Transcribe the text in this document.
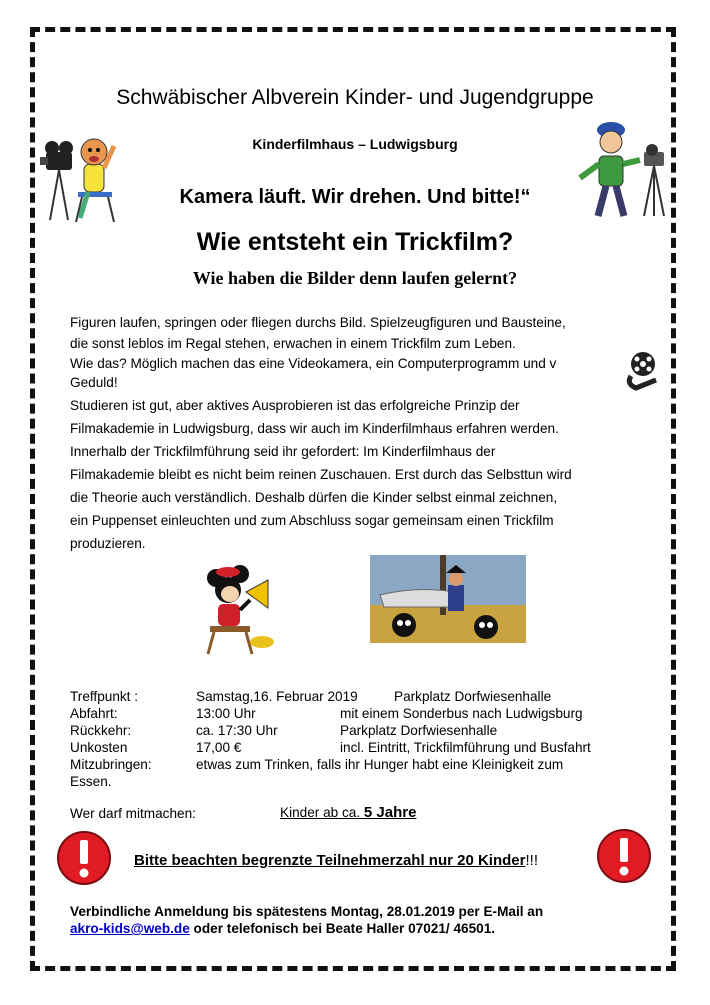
Schwäbischer Albverein Kinder- und Jugendgruppe
Kinderfilmhaus – Ludwigsburg
Kamera läuft. Wir drehen. Und bitte!“
Wie entsteht ein Trickfilm?
Wie haben die Bilder denn laufen gelernt?

Figuren laufen, springen oder fliegen durchs Bild. Spielzeugfiguren und Bausteine,

die sonst leblos im Regal stehen, erwachen in einem Trickfilm zum Leben.

Wie das? Möglich machen das eine Videokamera, ein Computerprogramm und v

Geduld!

Studieren ist gut, aber aktives Ausprobieren ist das erfolgreiche Prinzip der

Filmakademie in Ludwigsburg, dass wir auch im Kinderfilmhaus erfahren werden.

Innerhalb der Trickfilmführung seid ihr gefordert: Im Kinderfilmhaus der

Filmakademie bleibt es nicht beim reinen Zuschauen. Erst durch das Selbsttun wird

die Theorie auch verständlich. Deshalb dürfen die Kinder selbst einmal zeichnen,

ein Puppenset einleuchten und zum Abschluss sogar gemeinsam einen Trickfilm

produzieren.

Treffpunkt :	Samstag,16. Februar 2019	Parkplatz Dorfwiesenhalle
Abfahrt:	13:00 Uhr	mit einem Sonderbus nach Ludwigsburg
Rückkehr:	ca. 17:30 Uhr	Parkplatz Dorfwiesenhalle
Unkosten	17,00 €	incl. Eintritt, Trickfilmführung und Busfahrt
Mitzubringen:	etwas zum Trinken, falls ihr Hunger habt eine Kleinigkeit zum
Essen.
Wer darf mitmachen:	Kinder ab ca. 5 Jahre
Bitte beachten begrenzte Teilnehmerzahl nur 20 Kinder!!!
Verbindliche Anmeldung bis spätestens Montag, 28.01.2019 per E-Mail an
akro-kids@web.de oder telefonisch bei Beate Haller 07021/ 46501.
